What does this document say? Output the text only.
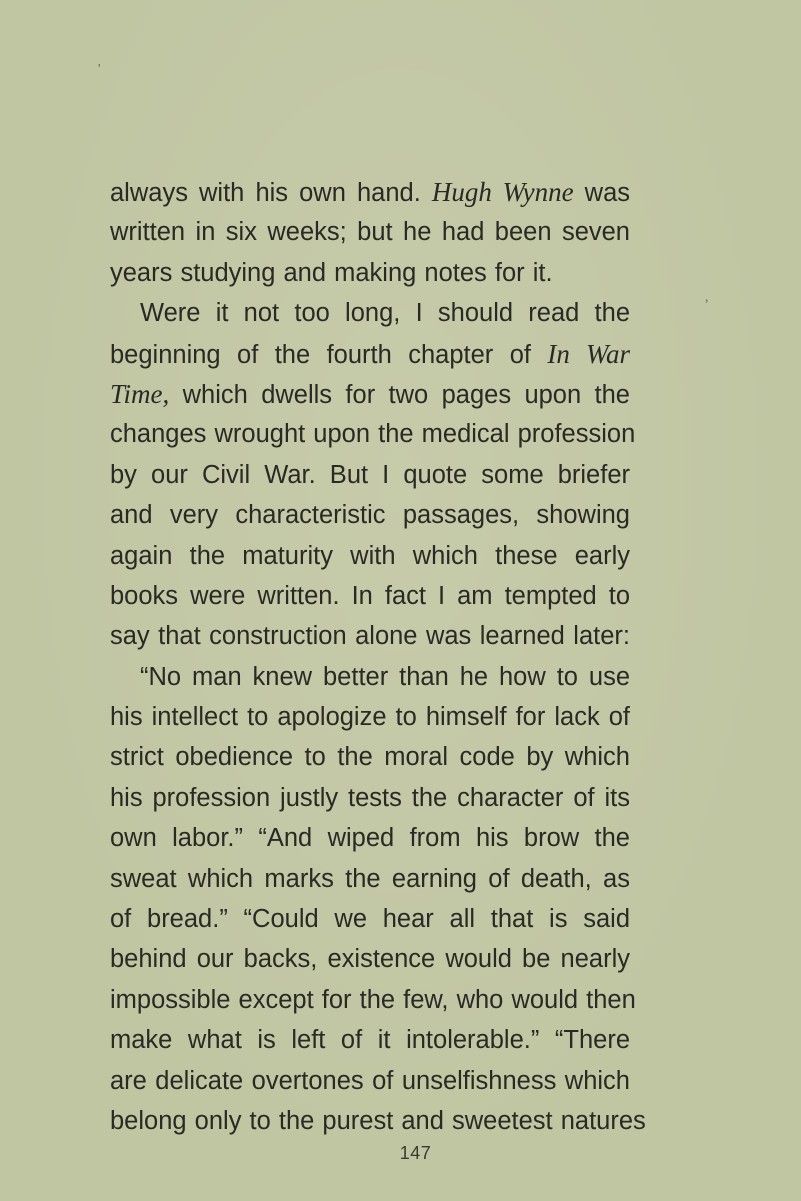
'
,
always with his own hand. Hugh Wynne was
written in six weeks; but he had been seven
years studying and making notes for it.
Were it not too long, I should read the
beginning of the fourth chapter of In War
Time, which dwells for two pages upon the
changes wrought upon the medical profession
by our Civil War. But I quote some briefer
and very characteristic passages, showing
again the maturity with which these early
books were written. In fact I am tempted to
say that construction alone was learned later:
“No man knew better than he how to use
his intellect to apologize to himself for lack of
strict obedience to the moral code by which
his profession justly tests the character of its
own labor.” “And wiped from his brow the
sweat which marks the earning of death, as
of bread.” “Could we hear all that is said
behind our backs, existence would be nearly
impossible except for the few, who would then
make what is left of it intolerable.” “There
are delicate overtones of unselfishness which
belong only to the purest and sweetest natures
147
